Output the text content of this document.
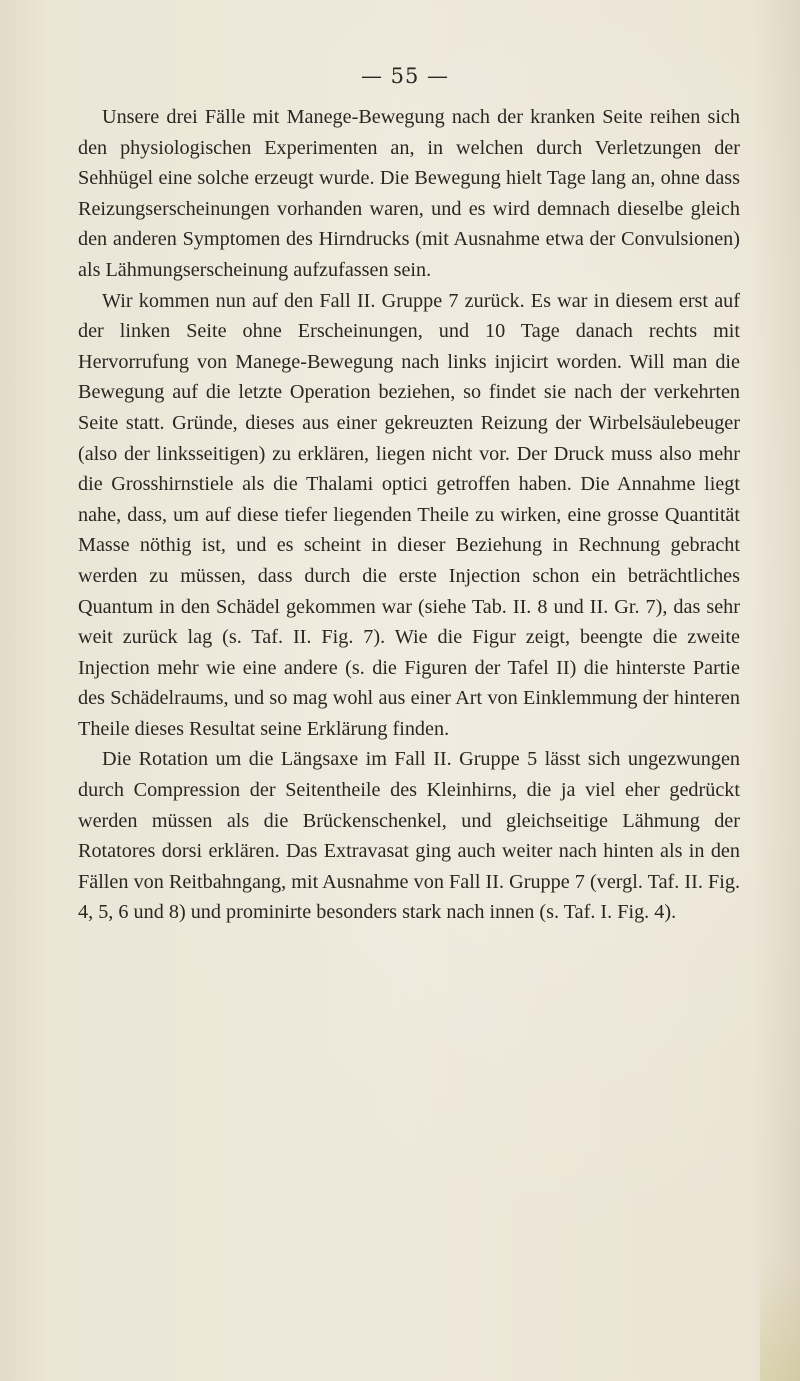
— 55 —

Unsere drei Fälle mit Manege-Bewegung nach der kranken Seite reihen sich den physiologischen Experimenten an, in welchen durch Verletzungen der Sehhügel eine solche erzeugt wurde. Die Bewegung hielt Tage lang an, ohne dass Reizungserscheinungen vorhanden waren, und es wird demnach dieselbe gleich den anderen Symptomen des Hirndrucks (mit Ausnahme etwa der Convulsionen) als Lähmungserscheinung aufzufassen sein.

Wir kommen nun auf den Fall II. Gruppe 7 zurück. Es war in diesem erst auf der linken Seite ohne Erscheinungen, und 10 Tage danach rechts mit Hervorrufung von Manege-Bewegung nach links injicirt worden. Will man die Bewegung auf die letzte Operation beziehen, so findet sie nach der verkehrten Seite statt. Gründe, dieses aus einer gekreuzten Reizung der Wirbelsäulebeuger (also der linksseitigen) zu erklären, liegen nicht vor. Der Druck muss also mehr die Grosshirnstiele als die Thalami optici getroffen haben. Die Annahme liegt nahe, dass, um auf diese tiefer liegenden Theile zu wirken, eine grosse Quantität Masse nöthig ist, und es scheint in dieser Beziehung in Rechnung gebracht werden zu müssen, dass durch die erste Injection schon ein beträchtliches Quantum in den Schädel gekommen war (siehe Tab. II. 8 und II. Gr. 7), das sehr weit zurück lag (s. Taf. II. Fig. 7). Wie die Figur zeigt, beengte die zweite Injection mehr wie eine andere (s. die Figuren der Tafel II) die hinterste Partie des Schädelraums, und so mag wohl aus einer Art von Einklemmung der hinteren Theile dieses Resultat seine Erklärung finden.

Die Rotation um die Längsaxe im Fall II. Gruppe 5 lässt sich ungezwungen durch Compression der Seitentheile des Kleinhirns, die ja viel eher gedrückt werden müssen als die Brückenschenkel, und gleichseitige Lähmung der Rotatores dorsi erklären. Das Extravasat ging auch weiter nach hinten als in den Fällen von Reitbahngang, mit Ausnahme von Fall II. Gruppe 7 (vergl. Taf. II. Fig. 4, 5, 6 und 8) und prominirte besonders stark nach innen (s. Taf. I. Fig. 4).
